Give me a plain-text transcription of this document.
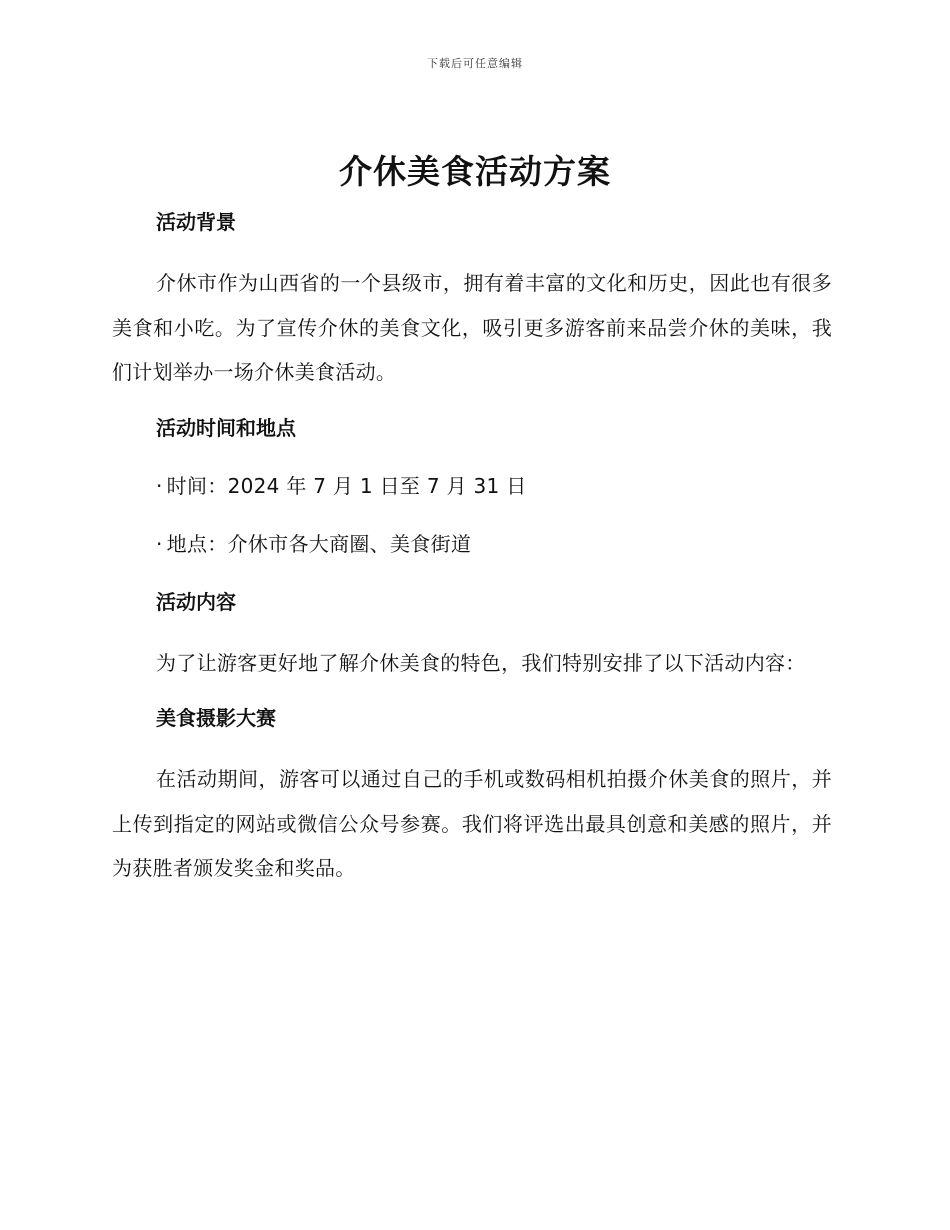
下载后可任意编辑
介休美食活动方案
活动背景

介休市作为山西省的一个县级市，拥有着丰富的文化和历史，因此也有很多美食和小吃。为了宣传介休的美食文化，吸引更多游客前来品尝介休的美味，我们计划举办一场介休美食活动。

活动时间和地点
· 时间：2024 年 7 月 1 日至 7 月 31 日
· 地点：介休市各大商圈、美食街道
活动内容

为了让游客更好地了解介休美食的特色，我们特别安排了以下活动内容：

美食摄影大赛

在活动期间，游客可以通过自己的手机或数码相机拍摄介休美食的照片，并上传到指定的网站或微信公众号参赛。我们将评选出最具创意和美感的照片，并为获胜者颁发奖金和奖品。
